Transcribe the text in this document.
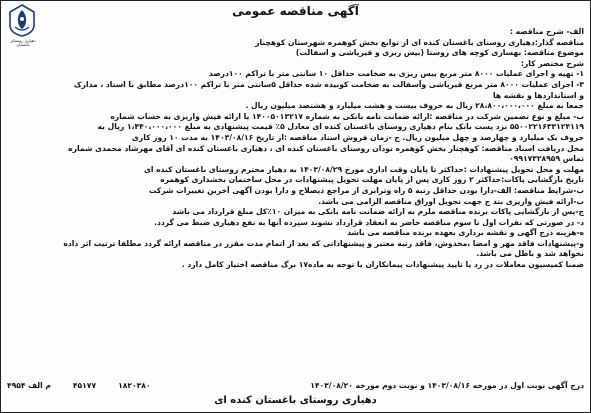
آگهی مناقصه عمومی
دهیاری روستای باغستان
الف- شرح مناقصه :
مناقصه گذار:دهیاری روستای باغستان کنده ای از توابع بخش کوهمره شهرستان کوهچنار
موضوع مناقصه: بهسازی کوچه های روستا (بیس ریزی و قیرپاشی و اسفالت)
شرح مختصر کار:
۱- تهیه و اجرای عملیات ۸۰۰۰ متر مربع بیس ریزی به ضخامت حداقل ۱۰ سانتی متر با تراکم ۱۰۰درصد
۳- اجرای عملیات ۸۰۰۰ متر مربع قیرپاشی وآسفالت به ضخامت کوبیده شده حداقل ۵سانتی متر با تراکم ۱۰۰درصد مطابق با اسناد ، مدارک
و استانداردها و نقشه ها
جمعا به مبلغ ۲۸،۸۰۰،۰۰۰،۰۰۰ ریال به حروف بیست و هشت میلیارد و هشتصد میلیون ریال .
ب- مبلغ و نوع تضمین شرکت در مناقصه :ارائه ضمانت نامه بانکی به شماره ۱۴۰۰۵۰۱۳۲۱۷ یا ارائه فیش واریزی به حساب شماره
۵۵۰۰۲۲۱۶۳۳۱۲۴۱۱۹ نزد پست بانک بنام دهیاری روستای باغستان کنده ای معادل ۵٪ قیمت پیشنهادی به مبلغ ۱،۴۴۰،۰۰۰،۰۰۰ ریال به
حروف یک میلیارد و چهارصد و چهل میلیون ریال. ج -زمان فروش اسناد مناقصه :از تاریخ ۱۴۰۳/۰۸/۱۶ به مدت ۱۰ روز کاری
محل دریافت اسناد مناقصه: کوهچنار بخش کوهمره نودان روستای باغستان کنده ای ، دهیاری باغستان کنده ای آقای مهرشاد محمدی شماره
تماس ۰۹۹۱۷۳۲۸۹۵۹
مهلت و محل تحویل پیشنهادات :حداکثر تا پایان وقت اداری مورخ ۱۴۰۳/۰۸/۲۹ به دهیار محترم روستای باغستان کنده ای
تاریخ بازگشایی پاکات:حداکثر ۲ روز کاری پس از پایان مهلت تحویل پیشنهادات در محل ساختمان بخشداری کوهمره
ب-شرایط مناقصه: الف-دارا بودن حداقل رتبه ۵ راه وترابری از مراجع ذیصلاح و دارا بودن آگهی آخرین تغییرات شرکت
ب-ارائه فیش واریزی بند ج جهت تحویل اوراق مناقصه الزامی می باشد.
ج-پس از بازگشایی پاکات برنده مناقصه ملزم به ارائه ضمانت نامه بانکی به میزان ۱۰٪کل مبلغ قرارداد می باشد
د- در صورتی که نفرات اول تا سوم مناقصه حاضر به انعقاد قرارداد نشوند سپرده آنها به نفع دهیاری ضبط می گردد.
ه-هزینه درج آگهی و نقشه برداری بعهده برنده مناقصه می باشد
و-پیشنهادات فاقد مهر و امضا ،مخدوش، فاقد رتبه معتبر و پیشنهاداتی که بعد از اتمام مدت مقرر در مناقصه ارائه گردد مطلقا ترتیب اثر داده
نخواهد شد و باطل می باشد.
ضمنا کمیسیون معاملات در رد یا تایید پیشنهادات پیمانکاران با توجه به ماده۱۷ برگ مناقصه اختیار کامل دارد .
درج آگهی نوبت اول در مورخه ۱۴۰۳/۰۸/۱۶ و نوبت دوم مورخه ۱۴۰۳/۰۸/۲۰
۴۹۵۴ م الف	۴۵۱۷۷	۱۸۲۰۳۸۰
دهیاری روستای باغستان کنده ای
